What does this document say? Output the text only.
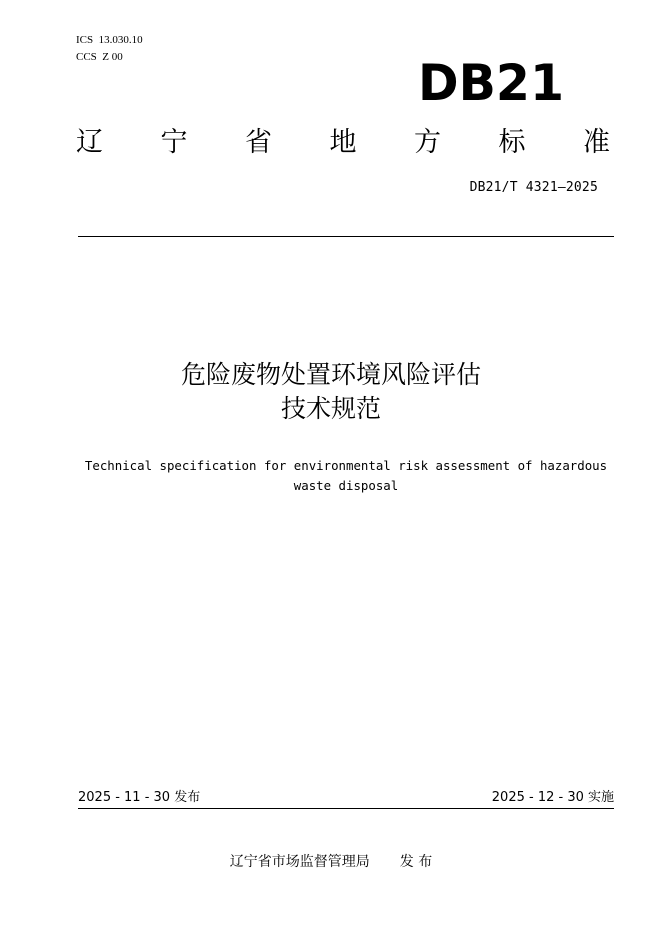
ICS 13.030.10
CCS Z 00	DB21
辽 宁 省 地 方 标 准
DB21/T 4321—2025
危险废物处置环境风险评估
技术规范
Technical specification for environmental risk assessment of hazardous
waste disposal
2025 - 11 - 30 发布	2025 - 12 - 30 实施
辽宁省市场监督管理局 发 布
